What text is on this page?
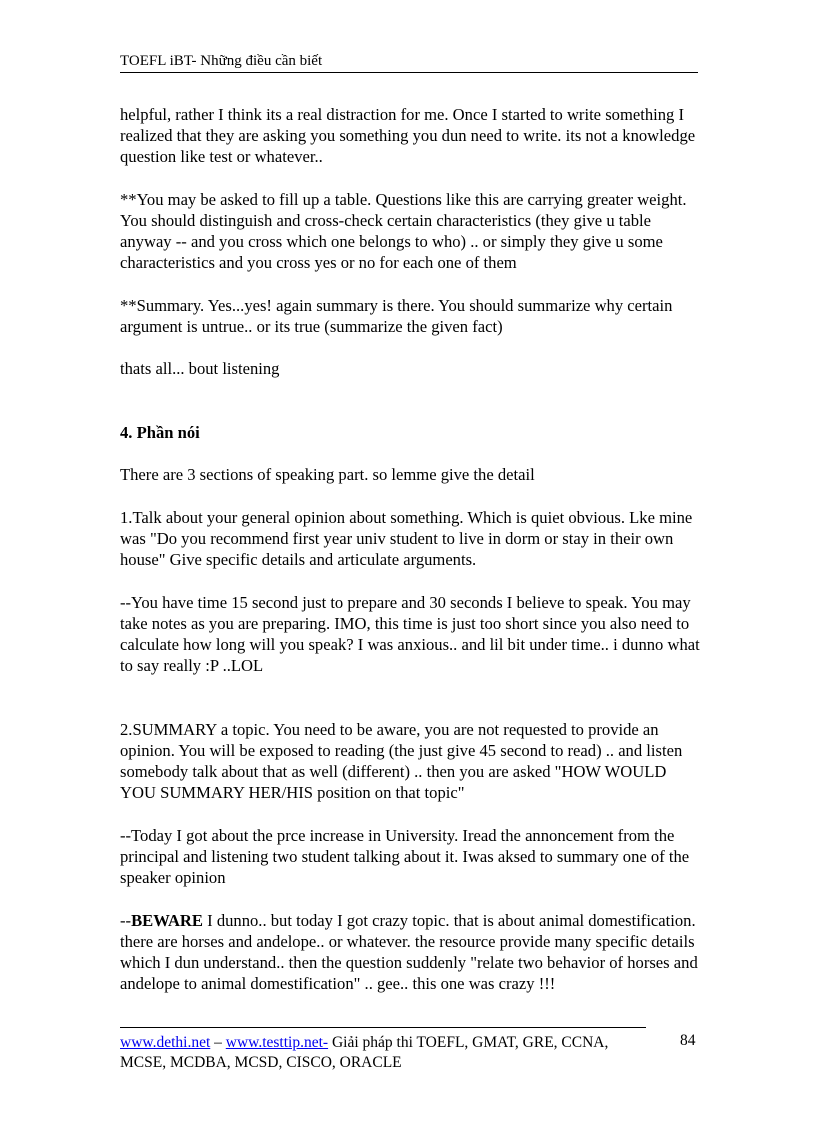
TOEFL iBT- Những điều cần biết

helpful, rather I think its a real distraction for me. Once I started to write something I realized that they are asking you something you dun need to write. its not a knowledge question like test or whatever..

**You may be asked to fill up a table. Questions like this are carrying greater weight. You should distinguish and cross-check certain characteristics (they give u table anyway -- and you cross which one belongs to who) .. or simply they give u some characteristics and you cross yes or no for each one of them

**Summary. Yes...yes! again summary is there. You should summarize why certain argument is untrue.. or its true (summarize the given fact)

thats all... bout listening

4. Phần nói

There are 3 sections of speaking part. so lemme give the detail

1.Talk about your general opinion about something. Which is quiet obvious. Lke mine was "Do you recommend first year univ student to live in dorm or stay in their own house" Give specific details and articulate arguments.

--You have time 15 second just to prepare and 30 seconds I believe to speak. You may take notes as you are preparing. IMO, this time is just too short since you also need to calculate how long will you speak? I was anxious.. and lil bit under time.. i dunno what to say really :P ..LOL

2.SUMMARY a topic. You need to be aware, you are not requested to provide an opinion. You will be exposed to reading (the just give 45 second to read) .. and listen somebody talk about that as well (different) .. then you are asked "HOW WOULD YOU SUMMARY HER/HIS position on that topic"

--Today I got about the prce increase in University. Iread the annoncement from the principal and listening two student talking about it. Iwas aksed to summary one of the speaker opinion

--BEWARE I dunno.. but today I got crazy topic. that is about animal domestification. there are horses and andelope.. or whatever. the resource provide many specific details which I dun understand.. then the question suddenly "relate two behavior of horses and andelope to animal domestification" .. gee.. this one was crazy !!!

www.dethi.net – www.testtip.net- Giải pháp thi TOEFL, GMAT, GRE, CCNA, MCSE, MCDBA, MCSD, CISCO, ORACLE
84
